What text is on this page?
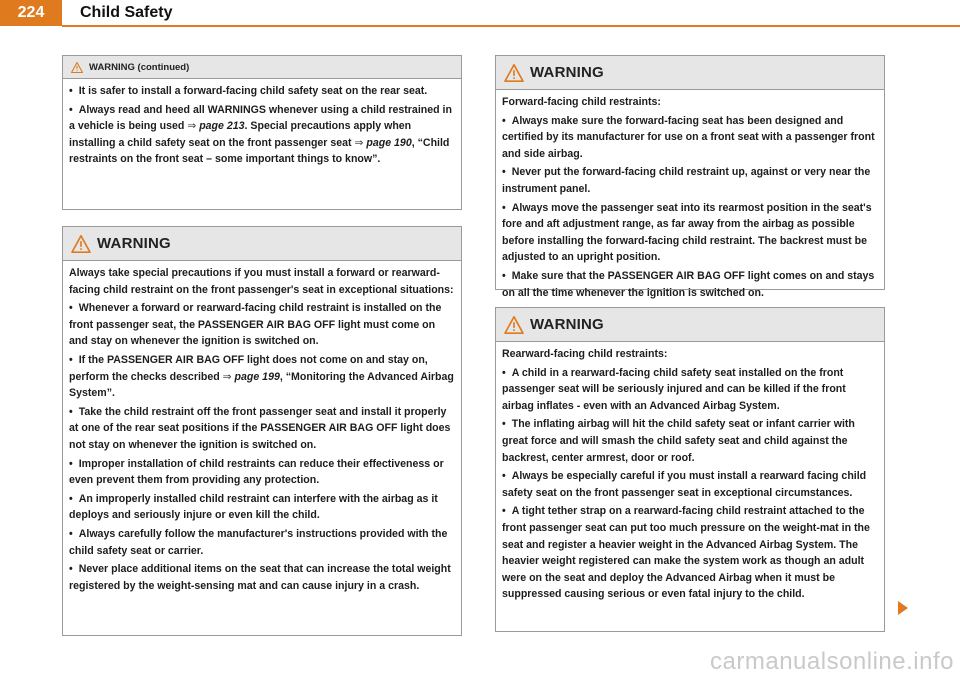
224	Child Safety
WARNING (continued)

• It is safer to install a forward-facing child safety seat on the rear seat.

• Always read and heed all WARNINGS whenever using a child restrained in a vehicle is being used ⇒ page 213. Special precautions apply when installing a child safety seat on the front passenger seat ⇒ page 190, “Child restraints on the front seat – some important things to know”.

WARNING

Always take special precautions if you must install a forward or rearward-facing child restraint on the front passenger's seat in exceptional situations:

• Whenever a forward or rearward-facing child restraint is installed on the front passenger seat, the PASSENGER AIR BAG OFF light must come on and stay on whenever the ignition is switched on.

• If the PASSENGER AIR BAG OFF light does not come on and stay on, perform the checks described ⇒ page 199, “Monitoring the Advanced Airbag System”.

• Take the child restraint off the front passenger seat and install it properly at one of the rear seat positions if the PASSENGER AIR BAG OFF light does not stay on whenever the ignition is switched on.

• Improper installation of child restraints can reduce their effectiveness or even prevent them from providing any protection.

• An improperly installed child restraint can interfere with the airbag as it deploys and seriously injure or even kill the child.

• Always carefully follow the manufacturer's instructions provided with the child safety seat or carrier.

• Never place additional items on the seat that can increase the total weight registered by the weight-sensing mat and can cause injury in a crash.

WARNING

Forward-facing child restraints:

• Always make sure the forward-facing seat has been designed and certified by its manufacturer for use on a front seat with a passenger front and side airbag.

• Never put the forward-facing child restraint up, against or very near the instrument panel.

• Always move the passenger seat into its rearmost position in the seat's fore and aft adjustment range, as far away from the airbag as possible before installing the forward-facing child restraint. The backrest must be adjusted to an upright position.

• Make sure that the PASSENGER AIR BAG OFF light comes on and stays on all the time whenever the ignition is switched on.

WARNING

Rearward-facing child restraints:

• A child in a rearward-facing child safety seat installed on the front passenger seat will be seriously injured and can be killed if the front airbag inflates - even with an Advanced Airbag System.

• The inflating airbag will hit the child safety seat or infant carrier with great force and will smash the child safety seat and child against the backrest, center armrest, door or roof.

• Always be especially careful if you must install a rearward facing child safety seat on the front passenger seat in exceptional circumstances.

• A tight tether strap on a rearward-facing child restraint attached to the front passenger seat can put too much pressure on the weight-mat in the seat and register a heavier weight in the Advanced Airbag System. The heavier weight registered can make the system work as though an adult were on the seat and deploy the Advanced Airbag when it must be suppressed causing serious or even fatal injury to the child.

carmanualsonline.info
